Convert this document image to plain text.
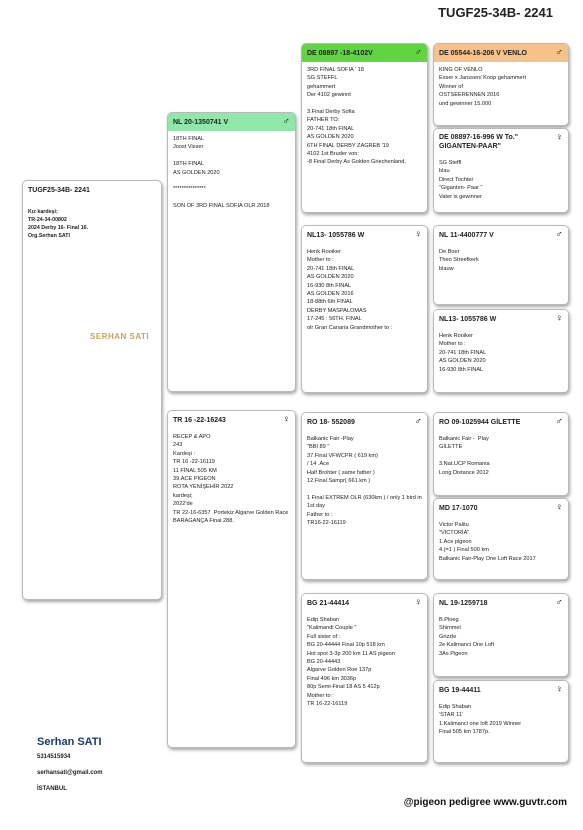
TUGF25-34B- 2241
TUGF25-34B- 2241
Kız kardeşi;
TR-24-34-00802
2024 Derby 16- Final 16.
Org.Serhan SATI
SERHAN SATI
NL 20-1350741 V	♂
18TH FINAL
Joost Visser
18TH FINAL
AS GOLDEN 2020
***************
SON OF 3RD FINAL SOFIA OLR 2018
TR 16 -22-16243	♀
RECEP & APO
243
Kardeşi :
TR 16 -22-16119
11 FİNAL 505 KM
39.ACE PİGEON
ROTA YENİŞEHİR 2022
kardeşi;
2022'de
TR 22-16-6357  Portekiz Algarve Golden Race
BARAGANÇA Final 288.
DE 08897 -18-4102V	♂
3RD FINAL SOFIA ' 18
SG STEFFL
gehammert
Der 4102 gewinnt
3.Final Derby Sofia
FATHER TO:
20-741 18th FINAL
AS GOLDEN 2020
6TH FINAL DERBY ZAGREB '19
4102 1st Bruder von:
-8 Final Derby As Golden Griechenland,
NL13- 1055786 W	♀
Henk Rooiker
Mother to :
20-741 18th FINAL
AS GOLDEN 2020
16-930 8th FINAL
AS GOLDEN 2016
18-88th 6th FINAL
DERBY MASPALOMAS
17-245 : 56TH. FINAL
olr Gran Canaria Grandmother to :
RO 18- 552089	♂
Balkanic Fair -Play
"BBI 89 "
37.Final VFWCPR ( 619 km)
/ 14 .Ace
Half Brohter ( same father )
12.Final Sampr( 661 km )
1 Final EXTREM OLR (630km ) / only 1 bird in 1st day
Father to :
TR16-22-16119
BG 21-44414	♀
Edip Shaban
"Kalimandi Couple "
Full sister of :
BG 20-44444 Final 10p 518 km
Hot spot 3-3p 200 km 11 AS pigeon
BG 20-44443
Algarve Golden Roe 137p
Final 496 km 3036p
80p Semi-Final 18 AS 5 412p
Mother to :
TR 16-22-16119
DE 05544-16-206 V VENLO	♂
KING OF VENLO
Esser x Janssen/ Koop gehammert
Winner of
OSTSEERENNEN 2016
und gewinner 15.000
DE 08897-16-996 W To." GIGANTEN-PAAR"
♀
SG Steffl
blau
Direct Tochter
"Giganten- Paar "
Vater is gewinner
NL 11-4400777 V	♂
De Boer
Theo Streefkerk
blauw
NL13- 1055786 W	♀
Henk Rooiker
Mother to :
20-741 18th FINAL
AS GOLDEN 2020
16-930 8th FINAL
RO 09-1025944 GİLETTE	♂
Balkanic Fair -  Play
GİLETTE
3.Nat.UCP Romania
Long Distance 2012
MD 17-1070	♀
Victor Palitu
"VICTORİA"
1.Ace pigeon
4.(=1 ) Final 500 km
Balkanic Fair-Play One Loft Race 2017
NL 19-1259718	♂
B.Ploeg
Shimmel
Grizzle
2e Kalimanci One Loft
3As Pigeon
BG 19-44411	♀
Edip Shaban
'STAR 11'
1.Kalimanci one loft 2019 Winner
Final 505 km 1787p.
Serhan SATI
5314515934
serhansati@gmail.com
İSTANBUL
@pigeon pedigree www.guvtr.com
